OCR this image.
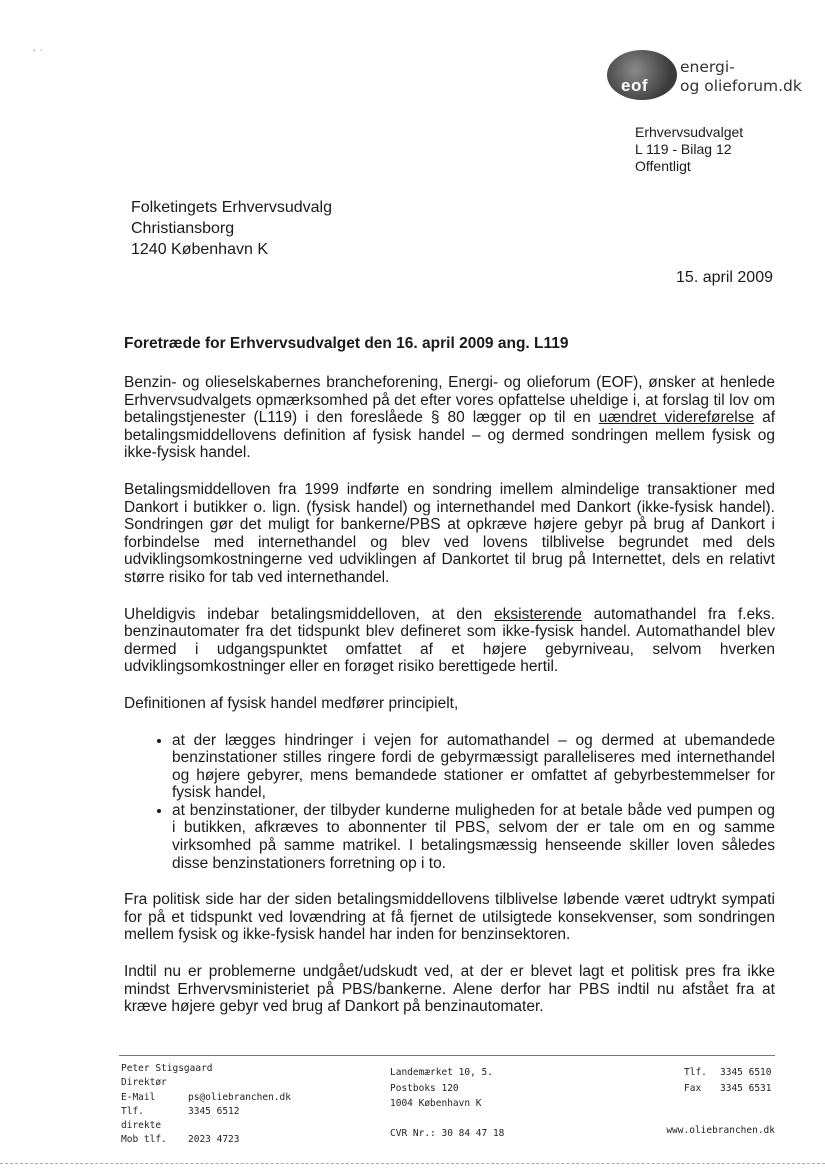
˛ ˎ
eof
energi-
og olieforum.dk
Erhvervsudvalget
L 119 - Bilag 12
Offentligt
Folketingets Erhvervsudvalg
Christiansborg
1240 København K
15. april 2009
Foretræde for Erhvervsudvalget den 16. april 2009 ang. L119

Benzin- og olieselskabernes brancheforening, Energi- og olieforum (EOF), ønsker at henlede Erhvervsudvalgets opmærksomhed på det efter vores opfattelse uheldige i, at forslag til lov om betalingstjenester (L119) i den foreslåede § 80 lægger op til en uændret videreførelse af betalingsmiddellovens definition af fysisk handel – og dermed sondringen mellem fysisk og ikke-fysisk handel.

Betalingsmiddelloven fra 1999 indførte en sondring imellem almindelige transaktioner med Dankort i butikker o. lign. (fysisk handel) og internethandel med Dankort (ikke-fysisk handel). Sondringen gør det muligt for bankerne/PBS at opkræve højere gebyr på brug af Dankort i forbindelse med internethandel og blev ved lovens tilblivelse begrundet med dels udviklingsomkostningerne ved udviklingen af Dankortet til brug på Internettet, dels en relativt større risiko for tab ved internethandel.

Uheldigvis indebar betalingsmiddelloven, at den eksisterende automathandel fra f.eks. benzinautomater fra det tidspunkt blev defineret som ikke-fysisk handel. Automathandel blev dermed i udgangspunktet omfattet af et højere gebyrniveau, selvom hverken udviklingsomkostninger eller en forøget risiko berettigede hertil.

Definitionen af fysisk handel medfører principielt,

• at der lægges hindringer i vejen for automathandel – og dermed at ubemandede benzinstationer stilles ringere fordi de gebyrmæssigt paralleliseres med internethandel og højere gebyrer, mens bemandede stationer er omfattet af gebyrbestemmelser for fysisk handel,
• at benzinstationer, der tilbyder kunderne muligheden for at betale både ved pumpen og i butikken, afkræves to abonnenter til PBS, selvom der er tale om en og samme virksomhed på samme matrikel. I betalingsmæssig henseende skiller loven således disse benzinstationers forretning op i to.

Fra politisk side har der siden betalingsmiddellovens tilblivelse løbende været udtrykt sympati for på et tidspunkt ved lovændring at få fjernet de utilsigtede konsekvenser, som sondringen mellem fysisk og ikke-fysisk handel har inden for benzinsektoren.

Indtil nu er problemerne undgået/udskudt ved, at der er blevet lagt et politisk pres fra ikke mindst Erhvervsministeriet på PBS/bankerne. Alene derfor har PBS indtil nu afstået fra at kræve højere gebyr ved brug af Dankort på benzinautomater.

Peter Stigsgaard
Direktør
E-Mail	ps@oliebranchen.dk
Tlf. direkte	3345 6512
Mob tlf.	2023 4723
Landemærket 10, 5.
Postboks 120
1004 København K
CVR Nr.: 30 84 47 18
Tlf.	3345 6510
Fax	3345 6531
www.oliebranchen.dk
